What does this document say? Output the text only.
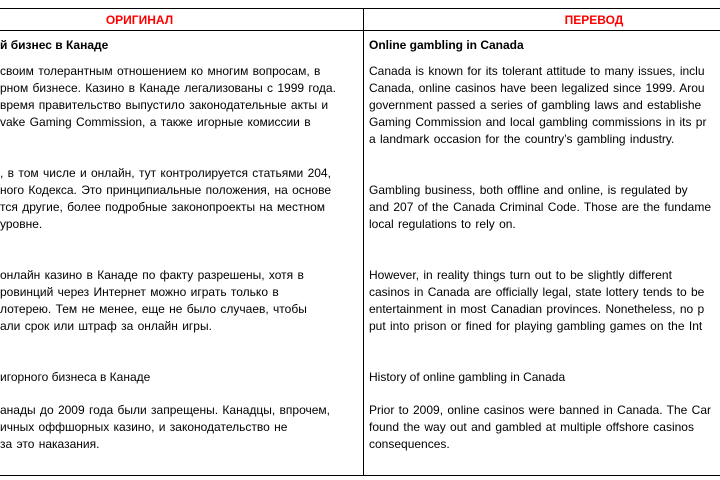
ОРИГИНАЛ	ПЕРЕВОД
й бизнес в Канаде
своим толерантным отношением ко многим вопросам, в
рном бизнесе. Казино в Канаде легализованы с 1999 года.
время правительство выпустило законодательные акты и
vake Gaming Commission, а также игорные комиссии в
, в том числе и онлайн, тут контролируется статьями 204,
ного Кодекса. Это принципиальные положения, на основе
тся другие, более подробные законопроекты на местном
уровне.
онлайн казино в Канаде по факту разрешены, хотя в
ровинций через Интернет можно играть только в
лотерею. Тем не менее, еще не было случаев, чтобы
али срок или штраф за онлайн игры.
игорного бизнеса в Канаде
анады до 2009 года были запрещены. Канадцы, впрочем,
ичных оффшорных казино, и законодательство не
за это наказания.
Online gambling in Canada
Canada is known for its tolerant attitude to many issues, inclu
Canada, online casinos have been legalized since 1999. Arou
government passed a series of gambling laws and establishe
Gaming Commission and local gambling commissions in its pr
a landmark occasion for the country’s gambling industry.
Gambling business, both offline and online, is regulated by
and 207 of the Canada Criminal Code. Those are the fundame
local regulations to rely on.
However, in reality things turn out to be slightly different
casinos in Canada are officially legal, state lottery tends to be
entertainment in most Canadian provinces. Nonetheless, no p
put into prison or fined for playing gambling games on the Int
History of online gambling in Canada
Prior to 2009, online casinos were banned in Canada. The Car
found the way out and gambled at multiple offshore casinos
consequences.
